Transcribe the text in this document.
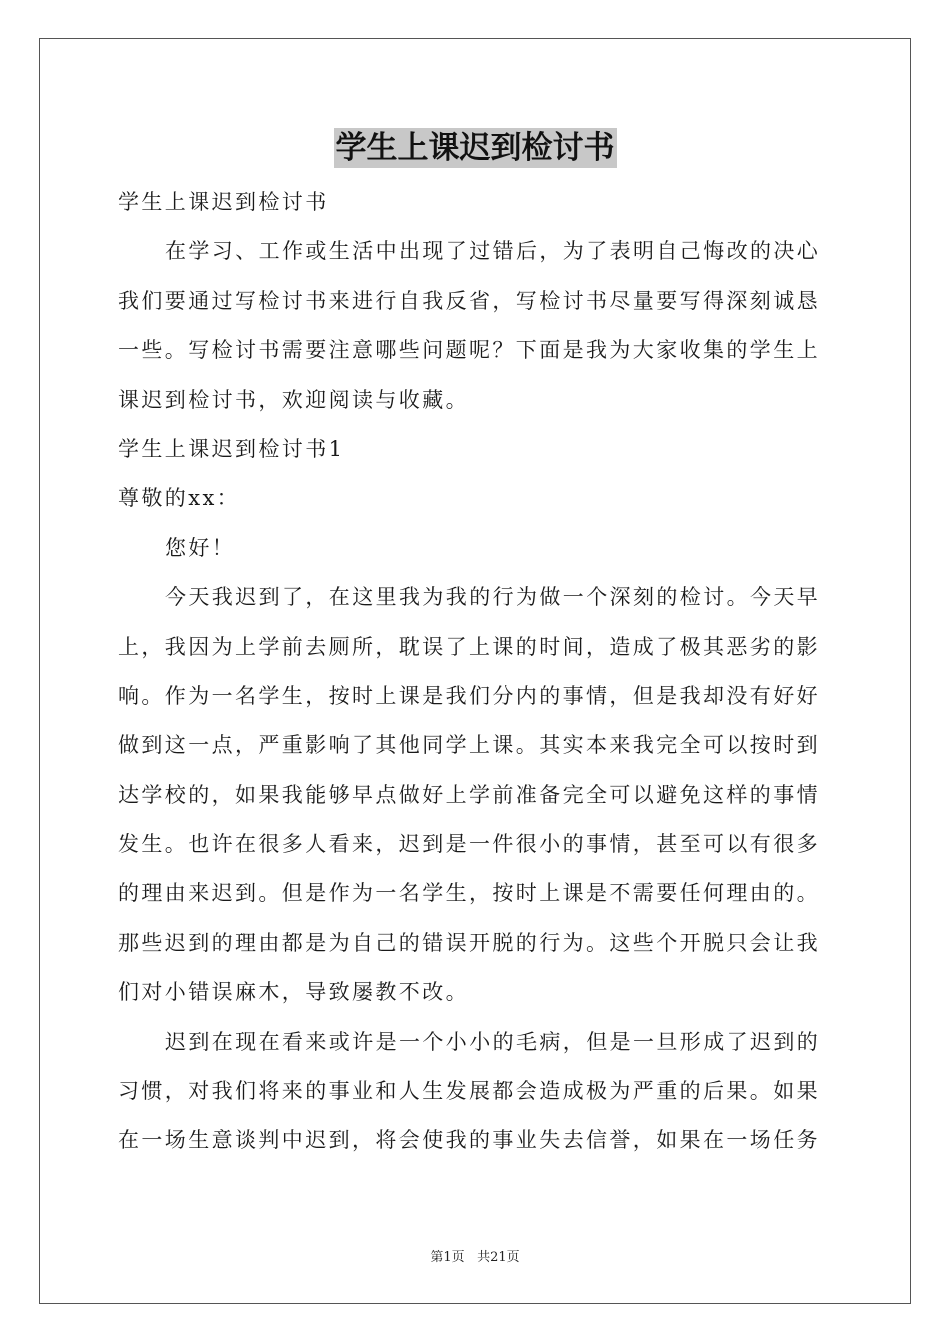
学生上课迟到检讨书
学生上课迟到检讨书
在学习、工作或生活中出现了过错后，为了表明自己悔改的决心
我们要通过写检讨书来进行自我反省，写检讨书尽量要写得深刻诚恳
一些。写检讨书需要注意哪些问题呢？下面是我为大家收集的学生上
课迟到检讨书，欢迎阅读与收藏。
学生上课迟到检讨书1
尊敬的xx：
您好！
今天我迟到了，在这里我为我的行为做一个深刻的检讨。今天早
上，我因为上学前去厕所，耽误了上课的时间，造成了极其恶劣的影
响。作为一名学生，按时上课是我们分内的事情，但是我却没有好好
做到这一点，严重影响了其他同学上课。其实本来我完全可以按时到
达学校的，如果我能够早点做好上学前准备完全可以避免这样的事情
发生。也许在很多人看来，迟到是一件很小的事情，甚至可以有很多
的理由来迟到。但是作为一名学生，按时上课是不需要任何理由的。
那些迟到的理由都是为自己的错误开脱的行为。这些个开脱只会让我
们对小错误麻木，导致屡教不改。
迟到在现在看来或许是一个小小的毛病，但是一旦形成了迟到的
习惯，对我们将来的事业和人生发展都会造成极为严重的后果。如果
在一场生意谈判中迟到，将会使我的事业失去信誉，如果在一场任务
第1页 共21页
